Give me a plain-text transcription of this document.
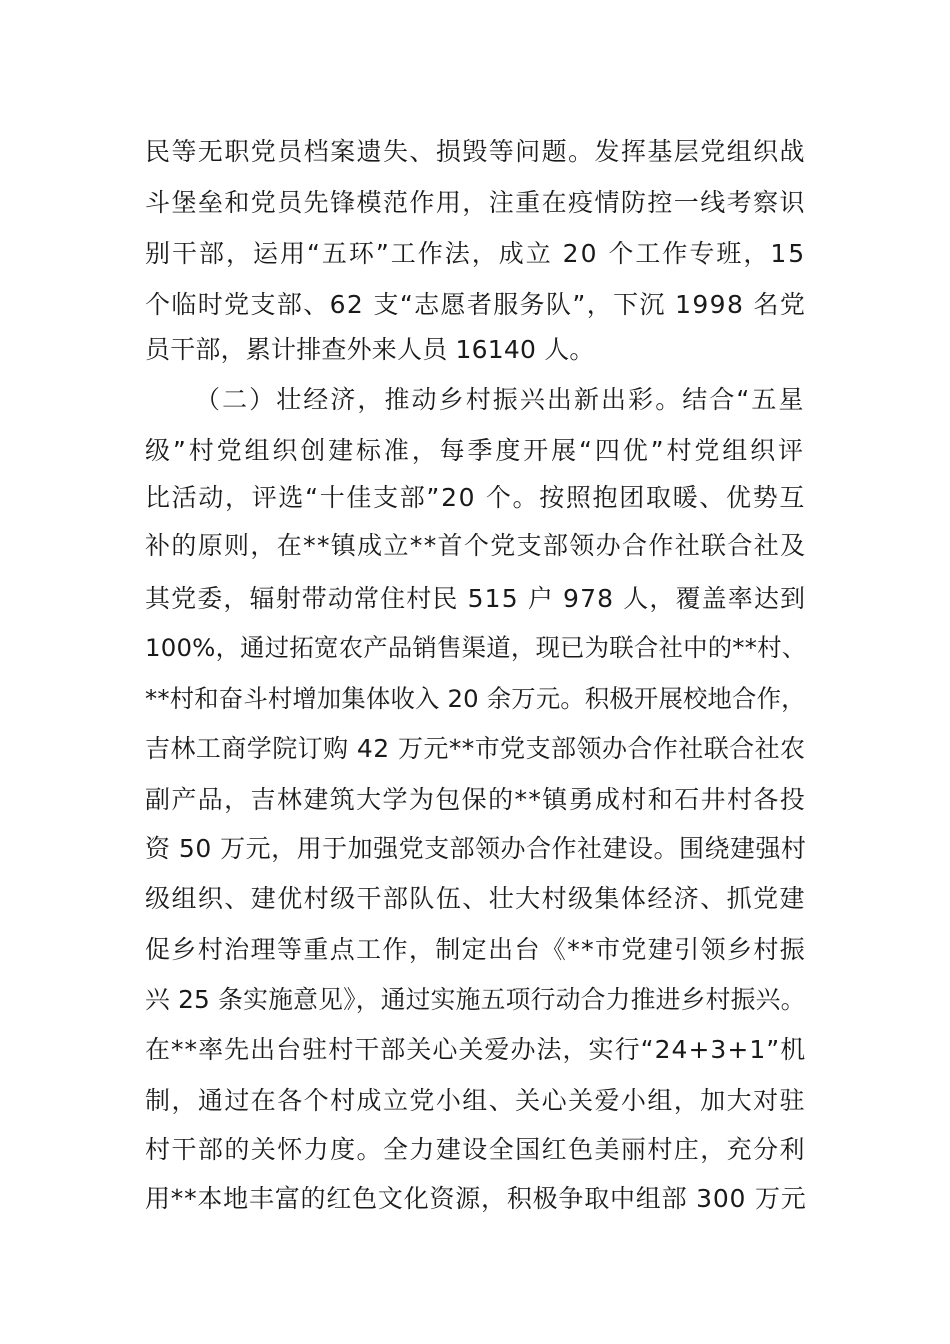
民等无职党员档案遗失、损毁等问题。发挥基层党组织战
斗堡垒和党员先锋模范作用，注重在疫情防控一线考察识
别干部，运用“五环”工作法，成立 20 个工作专班，15
个临时党支部、62 支“志愿者服务队”，下沉 1998 名党
员干部，累计排查外来人员 16140 人。
（二）壮经济，推动乡村振兴出新出彩。结合“五星
级”村党组织创建标准，每季度开展“四优”村党组织评
比活动，评选“十佳支部”20 个。按照抱团取暖、优势互
补的原则，在**镇成立**首个党支部领办合作社联合社及
其党委，辐射带动常住村民 515 户 978 人，覆盖率达到
100%，通过拓宽农产品销售渠道，现已为联合社中的**村、
**村和奋斗村增加集体收入 20 余万元。积极开展校地合作，
吉林工商学院订购 42 万元**市党支部领办合作社联合社农
副产品，吉林建筑大学为包保的**镇勇成村和石井村各投
资 50 万元，用于加强党支部领办合作社建设。围绕建强村
级组织、建优村级干部队伍、壮大村级集体经济、抓党建
促乡村治理等重点工作，制定出台《**市党建引领乡村振
兴 25 条实施意见》，通过实施五项行动合力推进乡村振兴。
在**率先出台驻村干部关心关爱办法，实行“24+3+1”机
制，通过在各个村成立党小组、关心关爱小组，加大对驻
村干部的关怀力度。全力建设全国红色美丽村庄，充分利
用**本地丰富的红色文化资源，积极争取中组部 300 万元
